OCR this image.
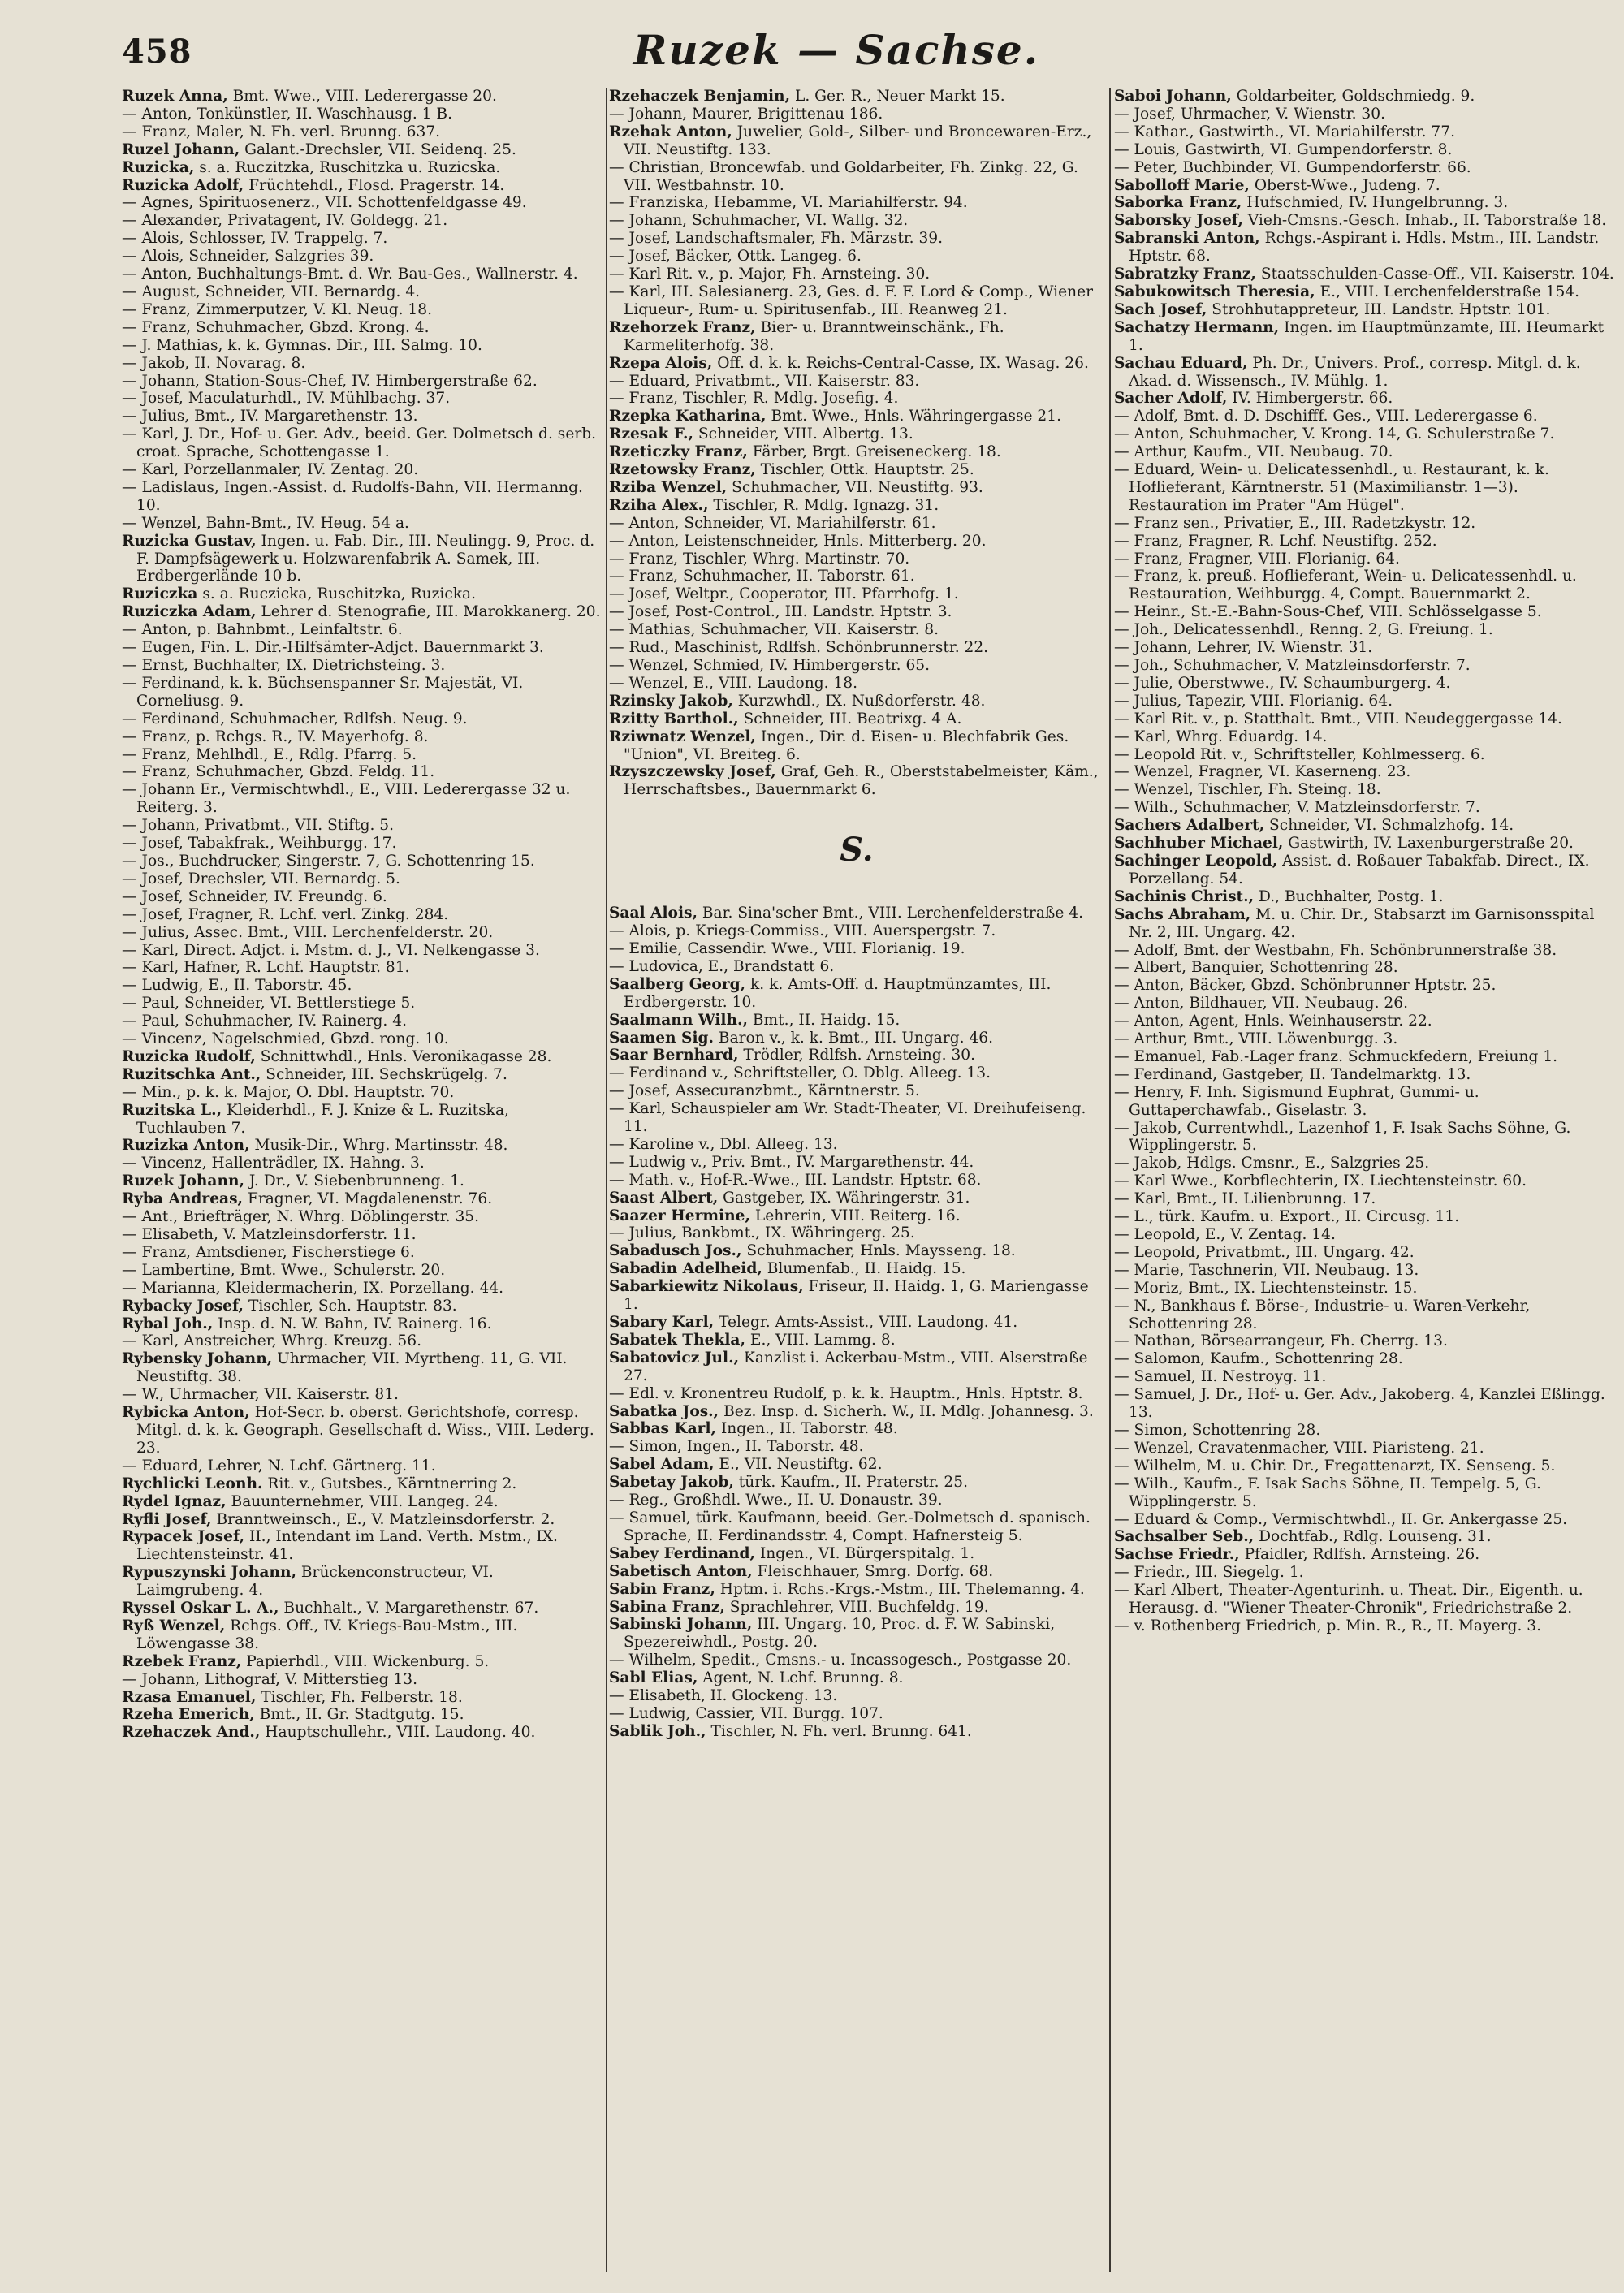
458	Ruzek — Sachse.
Ruzek Anna, Bmt. Wwe., VIII. Lederergasse 20.
— Anton, Tonkünstler, II. Waschhausg. 1 B.
— Franz, Maler, N. Fh. verl. Brunng. 637.
Ruzel Johann, Galant.-Drechsler, VII. Seidenq. 25.
Ruzicka, s. a. Ruczitzka, Ruschitzka u. Ruzicska.
Ruzicka Adolf, Früchtehdl., Flosd. Pragerstr. 14.
— Agnes, Spirituosenerz., VII. Schottenfeldgasse 49.
— Alexander, Privatagent, IV. Goldegg. 21.
— Alois, Schlosser, IV. Trappelg. 7.
— Alois, Schneider, Salzgries 39.
— Anton, Buchhaltungs-Bmt. d. Wr. Bau-Ges., Wallnerstr. 4.
— August, Schneider, VII. Bernardg. 4.
— Franz, Zimmerputzer, V. Kl. Neug. 18.
— Franz, Schuhmacher, Gbzd. Krong. 4.
— J. Mathias, k. k. Gymnas. Dir., III. Salmg. 10.
— Jakob, II. Novarag. 8.
— Johann, Station-Sous-Chef, IV. Himbergerstraße 62.
— Josef, Maculaturhdl., IV. Mühlbachg. 37.
— Julius, Bmt., IV. Margarethenstr. 13.
— Karl, J. Dr., Hof- u. Ger. Adv., beeid. Ger. Dolmetsch d. serb. croat. Sprache, Schottengasse 1.
— Karl, Porzellanmaler, IV. Zentag. 20.
— Ladislaus, Ingen.-Assist. d. Rudolfs-Bahn, VII. Hermanng. 10.
— Wenzel, Bahn-Bmt., IV. Heug. 54 a.
Ruzicka Gustav, Ingen. u. Fab. Dir., III. Neulingg. 9, Proc. d. F. Dampfsägewerk u. Holzwarenfabrik A. Samek, III. Erdbergerlände 10 b.
Ruziczka s. a. Ruczicka, Ruschitzka, Ruzicka.
Ruziczka Adam, Lehrer d. Stenografie, III. Marokkanerg. 20.
— Anton, p. Bahnbmt., Leinfaltstr. 6.
— Eugen, Fin. L. Dir.-Hilfsämter-Adjct. Bauernmarkt 3.
— Ernst, Buchhalter, IX. Dietrichsteing. 3.
— Ferdinand, k. k. Büchsenspanner Sr. Majestät, VI. Corneliusg. 9.
— Ferdinand, Schuhmacher, Rdlfsh. Neug. 9.
— Franz, p. Rchgs. R., IV. Mayerhofg. 8.
— Franz, Mehlhdl., E., Rdlg. Pfarrg. 5.
— Franz, Schuhmacher, Gbzd. Feldg. 11.
— Johann Er., Vermischtwhdl., E., VIII. Lederergasse 32 u. Reiterg. 3.
— Johann, Privatbmt., VII. Stiftg. 5.
— Josef, Tabakfrak., Weihburgg. 17.
— Jos., Buchdrucker, Singerstr. 7, G. Schottenring 15.
— Josef, Drechsler, VII. Bernardg. 5.
— Josef, Schneider, IV. Freundg. 6.
— Josef, Fragner, R. Lchf. verl. Zinkg. 284.
— Julius, Assec. Bmt., VIII. Lerchenfelderstr. 20.
— Karl, Direct. Adjct. i. Mstm. d. J., VI. Nelkengasse 3.
— Karl, Hafner, R. Lchf. Hauptstr. 81.
— Ludwig, E., II. Taborstr. 45.
— Paul, Schneider, VI. Bettlerstiege 5.
— Paul, Schuhmacher, IV. Rainerg. 4.
— Vincenz, Nagelschmied, Gbzd. rong. 10.
Ruzicka Rudolf, Schnittwhdl., Hnls. Veronikagasse 28.
Ruzitschka Ant., Schneider, III. Sechskrügelg. 7.
— Min., p. k. k. Major, O. Dbl. Hauptstr. 70.
Ruzitska L., Kleiderhdl., F. J. Knize & L. Ruzitska, Tuchlauben 7.
Ruzizka Anton, Musik-Dir., Whrg. Martinsstr. 48.
— Vincenz, Hallenträdler, IX. Hahng. 3.
Ruzek Johann, J. Dr., V. Siebenbrunneng. 1.
Ryba Andreas, Fragner, VI. Magdalenenstr. 76.
— Ant., Briefträger, N. Whrg. Döblingerstr. 35.
— Elisabeth, V. Matzleinsdorferstr. 11.
— Franz, Amtsdiener, Fischerstiege 6.
— Lambertine, Bmt. Wwe., Schulerstr. 20.
— Marianna, Kleidermacherin, IX. Porzellang. 44.
Rybacky Josef, Tischler, Sch. Hauptstr. 83.
Rybal Joh., Insp. d. N. W. Bahn, IV. Rainerg. 16.
— Karl, Anstreicher, Whrg. Kreuzg. 56.
Rybensky Johann, Uhrmacher, VII. Myrtheng. 11, G. VII. Neustiftg. 38.
— W., Uhrmacher, VII. Kaiserstr. 81.
Rybicka Anton, Hof-Secr. b. oberst. Gerichtshofe, corresp. Mitgl. d. k. k. Geograph. Gesellschaft d. Wiss., VIII. Lederg. 23.
— Eduard, Lehrer, N. Lchf. Gärtnerg. 11.
Rychlicki Leonh. Rit. v., Gutsbes., Kärntnerring 2.
Rydel Ignaz, Bauunternehmer, VIII. Langeg. 24.
Ryfli Josef, Branntweinsch., E., V. Matzleinsdorferstr. 2.
Rypacek Josef, II., Intendant im Land. Verth. Mstm., IX. Liechtensteinstr. 41.
Rypuszynski Johann, Brückenconstructeur, VI. Laimgrubeng. 4.
Ryssel Oskar L. A., Buchhalt., V. Margarethenstr. 67.
Ryß Wenzel, Rchgs. Off., IV. Kriegs-Bau-Mstm., III. Löwengasse 38.
Rzebek Franz, Papierhdl., VIII. Wickenburg. 5.
— Johann, Lithograf, V. Mitterstieg 13.
Rzasa Emanuel, Tischler, Fh. Felberstr. 18.
Rzeha Emerich, Bmt., II. Gr. Stadtgutg. 15.
Rzehaczek And., Hauptschullehr., VIII. Laudong. 40.
Rzehaczek Benjamin, L. Ger. R., Neuer Markt 15.
— Johann, Maurer, Brigittenau 186.
Rzehak Anton, Juwelier, Gold-, Silber- und Broncewaren-Erz., VII. Neustiftg. 133.
— Christian, Broncewfab. und Goldarbeiter, Fh. Zinkg. 22, G. VII. Westbahnstr. 10.
— Franziska, Hebamme, VI. Mariahilferstr. 94.
— Johann, Schuhmacher, VI. Wallg. 32.
— Josef, Landschaftsmaler, Fh. Märzstr. 39.
— Josef, Bäcker, Ottk. Langeg. 6.
— Karl Rit. v., p. Major, Fh. Arnsteing. 30.
— Karl, III. Salesianerg. 23, Ges. d. F. F. Lord & Comp., Wiener Liqueur-, Rum- u. Spiritusenfab., III. Reanweg 21.
Rzehorzek Franz, Bier- u. Branntweinschänk., Fh. Karmeliterhofg. 38.
Rzepa Alois, Off. d. k. k. Reichs-Central-Casse, IX. Wasag. 26.
— Eduard, Privatbmt., VII. Kaiserstr. 83.
— Franz, Tischler, R. Mdlg. Josefig. 4.
Rzepka Katharina, Bmt. Wwe., Hnls. Währingergasse 21.
Rzesak F., Schneider, VIII. Albertg. 13.
Rzeticzky Franz, Färber, Brgt. Greiseneckerg. 18.
Rzetowsky Franz, Tischler, Ottk. Hauptstr. 25.
Rziba Wenzel, Schuhmacher, VII. Neustiftg. 93.
Rziha Alex., Tischler, R. Mdlg. Ignazg. 31.
— Anton, Schneider, VI. Mariahilferstr. 61.
— Anton, Leistenschneider, Hnls. Mitterberg. 20.
— Franz, Tischler, Whrg. Martinstr. 70.
— Franz, Schuhmacher, II. Taborstr. 61.
— Josef, Weltpr., Cooperator, III. Pfarrhofg. 1.
— Josef, Post-Control., III. Landstr. Hptstr. 3.
— Mathias, Schuhmacher, VII. Kaiserstr. 8.
— Rud., Maschinist, Rdlfsh. Schönbrunnerstr. 22.
— Wenzel, Schmied, IV. Himbergerstr. 65.
— Wenzel, E., VIII. Laudong. 18.
Rzinsky Jakob, Kurzwhdl., IX. Nußdorferstr. 48.
Rzitty Barthol., Schneider, III. Beatrixg. 4 A.
Rziwnatz Wenzel, Ingen., Dir. d. Eisen- u. Blechfabrik Ges. "Union", VI. Breiteg. 6.
Rzyszczewsky Josef, Graf, Geh. R., Oberststabelmeister, Käm., Herrschaftsbes., Bauernmarkt 6.
S.
Saal Alois, Bar. Sina'scher Bmt., VIII. Lerchenfelderstraße 4.
— Alois, p. Kriegs-Commiss., VIII. Auerspergstr. 7.
— Emilie, Cassendir. Wwe., VIII. Florianig. 19.
— Ludovica, E., Brandstatt 6.
Saalberg Georg, k. k. Amts-Off. d. Hauptmünzamtes, III. Erdbergerstr. 10.
Saalmann Wilh., Bmt., II. Haidg. 15.
Saamen Sig. Baron v., k. k. Bmt., III. Ungarg. 46.
Saar Bernhard, Trödler, Rdlfsh. Arnsteing. 30.
— Ferdinand v., Schriftsteller, O. Dblg. Alleeg. 13.
— Josef, Assecuranzbmt., Kärntnerstr. 5.
— Karl, Schauspieler am Wr. Stadt-Theater, VI. Dreihufeiseng. 11.
— Karoline v., Dbl. Alleeg. 13.
— Ludwig v., Priv. Bmt., IV. Margarethenstr. 44.
— Math. v., Hof-R.-Wwe., III. Landstr. Hptstr. 68.
Saast Albert, Gastgeber, IX. Währingerstr. 31.
Saazer Hermine, Lehrerin, VIII. Reiterg. 16.
— Julius, Bankbmt., IX. Währingerg. 25.
Sabadusch Jos., Schuhmacher, Hnls. Maysseng. 18.
Sabadin Adelheid, Blumenfab., II. Haidg. 15.
Sabarkiewitz Nikolaus, Friseur, II. Haidg. 1, G. Mariengasse 1.
Sabary Karl, Telegr. Amts-Assist., VIII. Laudong. 41.
Sabatek Thekla, E., VIII. Lammg. 8.
Sabatovicz Jul., Kanzlist i. Ackerbau-Mstm., VIII. Alserstraße 27.
— Edl. v. Kronentreu Rudolf, p. k. k. Hauptm., Hnls. Hptstr. 8.
Sabatka Jos., Bez. Insp. d. Sicherh. W., II. Mdlg. Johannesg. 3.
Sabbas Karl, Ingen., II. Taborstr. 48.
— Simon, Ingen., II. Taborstr. 48.
Sabel Adam, E., VII. Neustiftg. 62.
Sabetay Jakob, türk. Kaufm., II. Praterstr. 25.
— Reg., Großhdl. Wwe., II. U. Donaustr. 39.
— Samuel, türk. Kaufmann, beeid. Ger.-Dolmetsch d. spanisch. Sprache, II. Ferdinandsstr. 4, Compt. Hafnersteig 5.
Sabey Ferdinand, Ingen., VI. Bürgerspitalg. 1.
Sabetisch Anton, Fleischhauer, Smrg. Dorfg. 68.
Sabin Franz, Hptm. i. Rchs.-Krgs.-Mstm., III. Thelemanng. 4.
Sabina Franz, Sprachlehrer, VIII. Buchfeldg. 19.
Sabinski Johann, III. Ungarg. 10, Proc. d. F. W. Sabinski, Spezereiwhdl., Postg. 20.
— Wilhelm, Spedit., Cmsns.- u. Incassogesch., Postgasse 20.
Sabl Elias, Agent, N. Lchf. Brunng. 8.
— Elisabeth, II. Glockeng. 13.
— Ludwig, Cassier, VII. Burgg. 107.
Sablik Joh., Tischler, N. Fh. verl. Brunng. 641.
Saboi Johann, Goldarbeiter, Goldschmiedg. 9.
— Josef, Uhrmacher, V. Wienstr. 30.
— Kathar., Gastwirth., VI. Mariahilferstr. 77.
— Louis, Gastwirth, VI. Gumpendorferstr. 8.
— Peter, Buchbinder, VI. Gumpendorferstr. 66.
Sabolloff Marie, Oberst-Wwe., Judeng. 7.
Saborka Franz, Hufschmied, IV. Hungelbrunng. 3.
Saborsky Josef, Vieh-Cmsns.-Gesch. Inhab., II. Taborstraße 18.
Sabranski Anton, Rchgs.-Aspirant i. Hdls. Mstm., III. Landstr. Hptstr. 68.
Sabratzky Franz, Staatsschulden-Casse-Off., VII. Kaiserstr. 104.
Sabukowitsch Theresia, E., VIII. Lerchenfelderstraße 154.
Sach Josef, Strohhutappreteur, III. Landstr. Hptstr. 101.
Sachatzy Hermann, Ingen. im Hauptmünzamte, III. Heumarkt 1.
Sachau Eduard, Ph. Dr., Univers. Prof., corresp. Mitgl. d. k. Akad. d. Wissensch., IV. Mühlg. 1.
Sacher Adolf, IV. Himbergerstr. 66.
— Adolf, Bmt. d. D. Dschifff. Ges., VIII. Lederergasse 6.
— Anton, Schuhmacher, V. Krong. 14, G. Schulerstraße 7.
— Arthur, Kaufm., VII. Neubaug. 70.
— Eduard, Wein- u. Delicatessenhdl., u. Restaurant, k. k. Hoflieferant, Kärntnerstr. 51 (Maximilianstr. 1—3). Restauration im Prater "Am Hügel".
— Franz sen., Privatier, E., III. Radetzkystr. 12.
— Franz, Fragner, R. Lchf. Neustiftg. 252.
— Franz, Fragner, VIII. Florianig. 64.
— Franz, k. preuß. Hoflieferant, Wein- u. Delicatessenhdl. u. Restauration, Weihburgg. 4, Compt. Bauernmarkt 2.
— Heinr., St.-E.-Bahn-Sous-Chef, VIII. Schlösselgasse 5.
— Joh., Delicatessenhdl., Renng. 2, G. Freiung. 1.
— Johann, Lehrer, IV. Wienstr. 31.
— Joh., Schuhmacher, V. Matzleinsdorferstr. 7.
— Julie, Oberstwwe., IV. Schaumburgerg. 4.
— Julius, Tapezir, VIII. Florianig. 64.
— Karl Rit. v., p. Statthalt. Bmt., VIII. Neudeggergasse 14.
— Karl, Whrg. Eduardg. 14.
— Leopold Rit. v., Schriftsteller, Kohlmesserg. 6.
— Wenzel, Fragner, VI. Kaserneng. 23.
— Wenzel, Tischler, Fh. Steing. 18.
— Wilh., Schuhmacher, V. Matzleinsdorferstr. 7.
Sachers Adalbert, Schneider, VI. Schmalzhofg. 14.
Sachhuber Michael, Gastwirth, IV. Laxenburgerstraße 20.
Sachinger Leopold, Assist. d. Roßauer Tabakfab. Direct., IX. Porzellang. 54.
Sachinis Christ., D., Buchhalter, Postg. 1.
Sachs Abraham, M. u. Chir. Dr., Stabsarzt im Garnisonsspital Nr. 2, III. Ungarg. 42.
— Adolf, Bmt. der Westbahn, Fh. Schönbrunnerstraße 38.
— Albert, Banquier, Schottenring 28.
— Anton, Bäcker, Gbzd. Schönbrunner Hptstr. 25.
— Anton, Bildhauer, VII. Neubaug. 26.
— Anton, Agent, Hnls. Weinhauserstr. 22.
— Arthur, Bmt., VIII. Löwenburgg. 3.
— Emanuel, Fab.-Lager franz. Schmuckfedern, Freiung 1.
— Ferdinand, Gastgeber, II. Tandelmarktg. 13.
— Henry, F. Inh. Sigismund Euphrat, Gummi- u. Guttaperchawfab., Giselastr. 3.
— Jakob, Currentwhdl., Lazenhof 1, F. Isak Sachs Söhne, G. Wipplingerstr. 5.
— Jakob, Hdlgs. Cmsnr., E., Salzgries 25.
— Karl Wwe., Korbflechterin, IX. Liechtensteinstr. 60.
— Karl, Bmt., II. Lilienbrunng. 17.
— L., türk. Kaufm. u. Export., II. Circusg. 11.
— Leopold, E., V. Zentag. 14.
— Leopold, Privatbmt., III. Ungarg. 42.
— Marie, Taschnerin, VII. Neubaug. 13.
— Moriz, Bmt., IX. Liechtensteinstr. 15.
— N., Bankhaus f. Börse-, Industrie- u. Waren-Verkehr, Schottenring 28.
— Nathan, Börsearrangeur, Fh. Cherrg. 13.
— Salomon, Kaufm., Schottenring 28.
— Samuel, II. Nestroyg. 11.
— Samuel, J. Dr., Hof- u. Ger. Adv., Jakoberg. 4, Kanzlei Eßlingg. 13.
— Simon, Schottenring 28.
— Wenzel, Cravatenmacher, VIII. Piaristeng. 21.
— Wilhelm, M. u. Chir. Dr., Fregattenarzt, IX. Senseng. 5.
— Wilh., Kaufm., F. Isak Sachs Söhne, II. Tempelg. 5, G. Wipplingerstr. 5.
— Eduard & Comp., Vermischtwhdl., II. Gr. Ankergasse 25.
Sachsalber Seb., Dochtfab., Rdlg. Louiseng. 31.
Sachse Friedr., Pfaidler, Rdlfsh. Arnsteing. 26.
— Friedr., III. Siegelg. 1.
— Karl Albert, Theater-Agenturinh. u. Theat. Dir., Eigenth. u. Herausg. d. "Wiener Theater-Chronik", Friedrichstraße 2.
— v. Rothenberg Friedrich, p. Min. R., R., II. Mayerg. 3.
